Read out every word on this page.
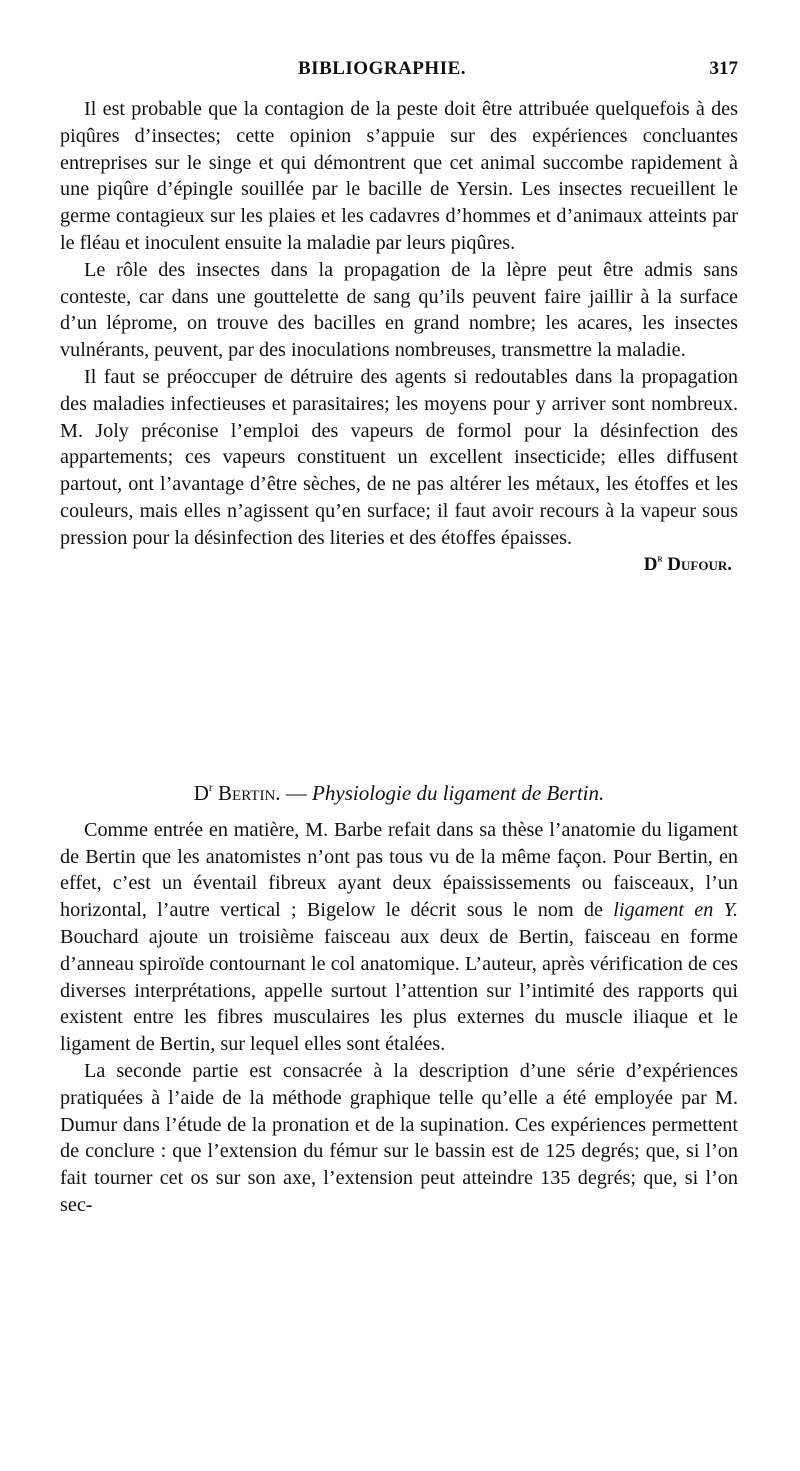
BIBLIOGRAPHIE.	317

Il est probable que la contagion de la peste doit être attribuée quelquefois à des piqûres d’insectes; cette opinion s’appuie sur des expériences concluantes entreprises sur le singe et qui démontrent que cet animal succombe rapidement à une piqûre d’épingle souillée par le bacille de Yersin. Les insectes recueillent le germe contagieux sur les plaies et les cadavres d’hommes et d’animaux atteints par le fléau et inoculent ensuite la maladie par leurs piqûres.

Le rôle des insectes dans la propagation de la lèpre peut être admis sans conteste, car dans une gouttelette de sang qu’ils peuvent faire jaillir à la surface d’un léprome, on trouve des bacilles en grand nombre; les acares, les insectes vulnérants, peuvent, par des inoculations nombreuses, transmettre la maladie.

Il faut se préoccuper de détruire des agents si redoutables dans la propagation des maladies infectieuses et parasitaires; les moyens pour y arriver sont nombreux. M. Joly préconise l’emploi des vapeurs de formol pour la désinfection des appartements; ces vapeurs constituent un excellent insecticide; elles diffusent partout, ont l’avantage d’être sèches, de ne pas altérer les métaux, les étoffes et les couleurs, mais elles n’agissent qu’en surface; il faut avoir recours à la vapeur sous pression pour la désinfection des literies et des étoffes épaisses.

$D^r$ Dufour.
$D^r$ Bertin. — Physiologie du ligament de Bertin.

Comme entrée en matière, M. Barbe refait dans sa thèse l’anatomie du ligament de Bertin que les anatomistes n’ont pas tous vu de la même façon. Pour Bertin, en effet, c’est un éventail fibreux ayant deux épaississements ou faisceaux, l’un horizontal, l’autre vertical ; Bigelow le décrit sous le nom de ligament en Y. Bouchard ajoute un troisième faisceau aux deux de Bertin, faisceau en forme d’anneau spiroïde contournant le col anatomique. L’auteur, après vérification de ces diverses interprétations, appelle surtout l’attention sur l’intimité des rapports qui existent entre les fibres musculaires les plus externes du muscle iliaque et le ligament de Bertin, sur lequel elles sont étalées.

La seconde partie est consacrée à la description d’une série d’expériences pratiquées à l’aide de la méthode graphique telle qu’elle a été employée par M. Dumur dans l’étude de la pronation et de la supination. Ces expériences permettent de conclure : que l’extension du fémur sur le bassin est de 125 degrés; que, si l’on fait tourner cet os sur son axe, l’extension peut atteindre 135 degrés; que, si l’on sec-
